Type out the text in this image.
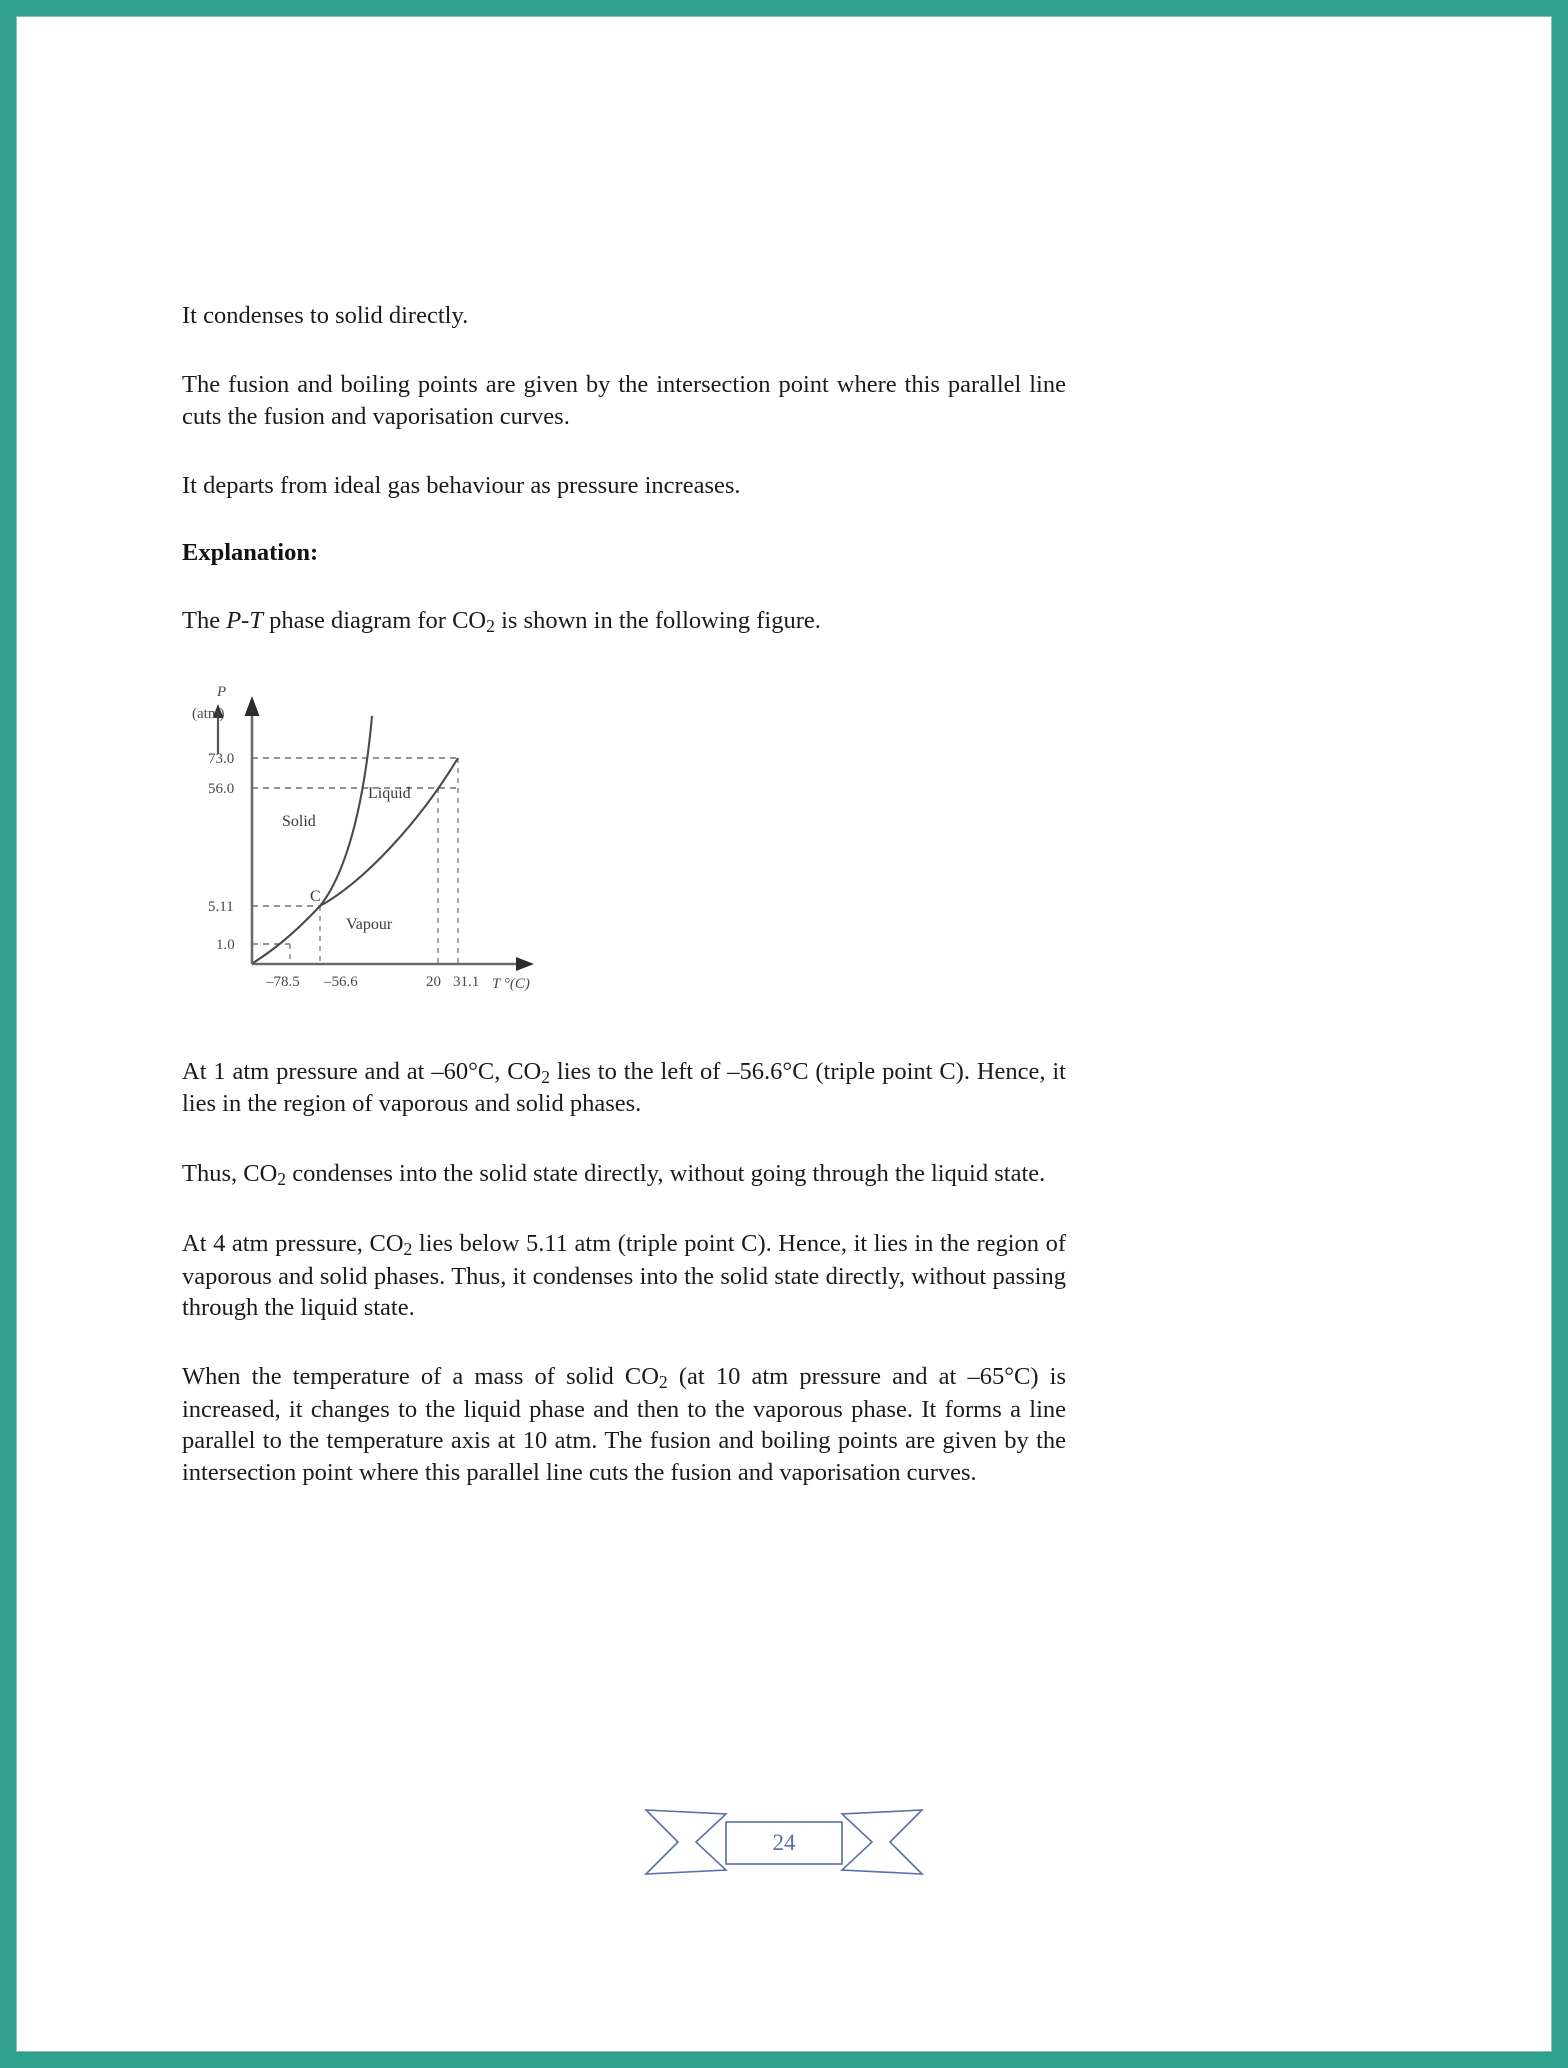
It condenses to solid directly.

The fusion and boiling points are given by the intersection point where this parallel line cuts the fusion and vaporisation curves.

It departs from ideal gas behaviour as pressure increases.

Explanation:

The P-T phase diagram for $CO_2$ is shown in the following figure.

P
(atm)
73.0
56.0
5.11
1.0
–78.5 –56.6	20 31.1 T °(C)
Solid
Liquid
Vapour
C

At 1 atm pressure and at –60°C, $CO_2$ lies to the left of –56.6°C (triple point C). Hence, it lies in the region of vaporous and solid phases.

Thus, $CO_2$ condenses into the solid state directly, without going through the liquid state.

At 4 atm pressure, $CO_2$ lies below 5.11 atm (triple point C). Hence, it lies in the region of vaporous and solid phases. Thus, it condenses into the solid state directly, without passing through the liquid state.

When the temperature of a mass of solid $CO_2$ (at 10 atm pressure and at –65°C) is increased, it changes to the liquid phase and then to the vaporous phase. It forms a line parallel to the temperature axis at 10 atm. The fusion and boiling points are given by the intersection point where this parallel line cuts the fusion and vaporisation curves.

24
